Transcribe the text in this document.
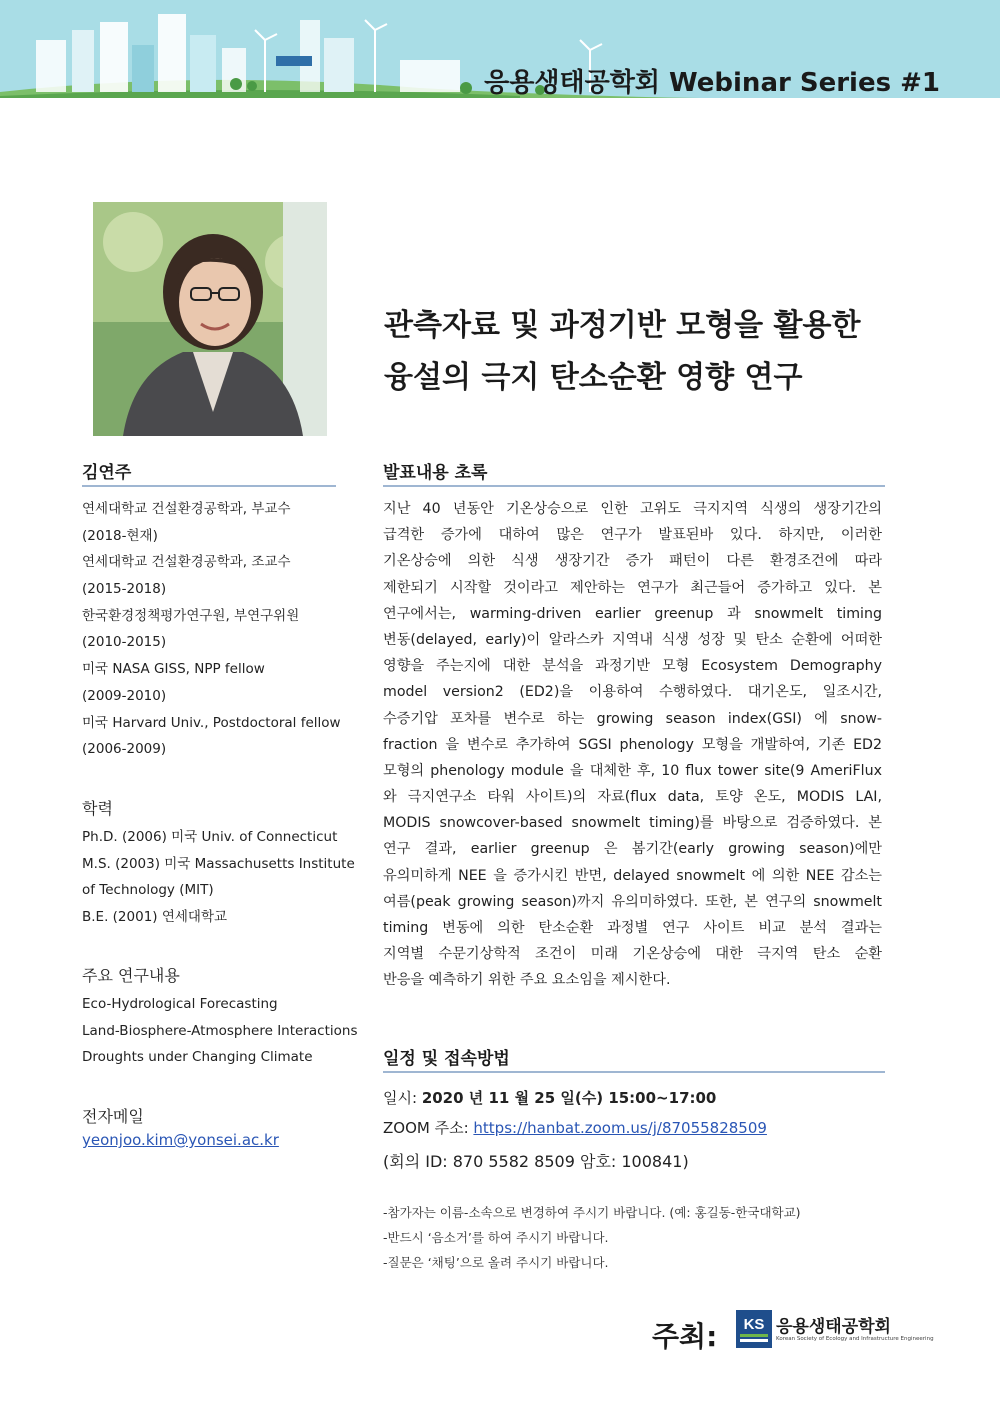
응용생태공학회 Webinar Series #1
관측자료 및 과정기반 모형을 활용한
융설의 극지 탄소순환 영향 연구
김연주
연세대학교 건설환경공학과, 부교수
(2018-현재)
연세대학교 건설환경공학과, 조교수
(2015-2018)
한국환경정책평가연구원, 부연구위원
(2010-2015)
미국 NASA GISS, NPP fellow
(2009-2010)
미국 Harvard Univ., Postdoctoral fellow
(2006-2009)
학력
Ph.D. (2006) 미국 Univ. of Connecticut
M.S. (2003) 미국 Massachusetts Institute
of Technology (MIT)
B.E. (2001) 연세대학교
주요 연구내용
Eco-Hydrological Forecasting
Land-Biosphere-Atmosphere Interactions
Droughts under Changing Climate
전자메일
yeonjoo.kim@yonsei.ac.kr
발표내용 초록
지난 40 년동안 기온상승으로 인한 고위도 극지지역 식생의 생장기간의
급격한 증가에 대하여 많은 연구가 발표된바 있다. 하지만, 이러한
기온상승에 의한 식생 생장기간 증가 패턴이 다른 환경조건에 따라
제한되기 시작할 것이라고 제안하는 연구가 최근들어 증가하고 있다. 본
연구에서는, warming-driven earlier greenup 과 snowmelt timing
변동(delayed, early)이 알라스카 지역내 식생 성장 및 탄소 순환에 어떠한
영향을 주는지에 대한 분석을 과정기반 모형 Ecosystem Demography
model version2 (ED2)을 이용하여 수행하였다. 대기온도, 일조시간,
수증기압 포차를 변수로 하는 growing season index(GSI) 에 snow-
fraction 을 변수로 추가하여 SGSI phenology 모형을 개발하여, 기존 ED2
모형의 phenology module 을 대체한 후, 10 flux tower site(9 AmeriFlux
와 극지연구소 타워 사이트)의 자료(flux data, 토양 온도, MODIS LAI,
MODIS snowcover-based snowmelt timing)를 바탕으로 검증하였다. 본
연구 결과, earlier greenup 은 봄기간(early growing season)에만
유의미하게 NEE 을 증가시킨 반면, delayed snowmelt 에 의한 NEE 감소는
여름(peak growing season)까지 유의미하였다. 또한, 본 연구의 snowmelt
timing 변동에 의한 탄소순환 과정별 연구 사이트 비교 분석 결과는
지역별 수문기상학적 조건이 미래 기온상승에 대한 극지역 탄소 순환
반응을 예측하기 위한 주요 요소임을 제시한다.
일정 및 접속방법
일시: 2020 년 11 월 25 일(수) 15:00~17:00
ZOOM 주소: https://hanbat.zoom.us/j/87055828509
(회의 ID: 870 5582 8509 암호: 100841)
-참가자는 이름-소속으로 변경하여 주시기 바랍니다. (예: 홍길동-한국대학교)
-반드시 ‘음소거’를 하여 주시기 바랍니다.
-질문은 ‘채팅’으로 올려 주시기 바랍니다.
주최: KS 응용생태공학회
Korean Society of Ecology and Infrastructure Engineering
